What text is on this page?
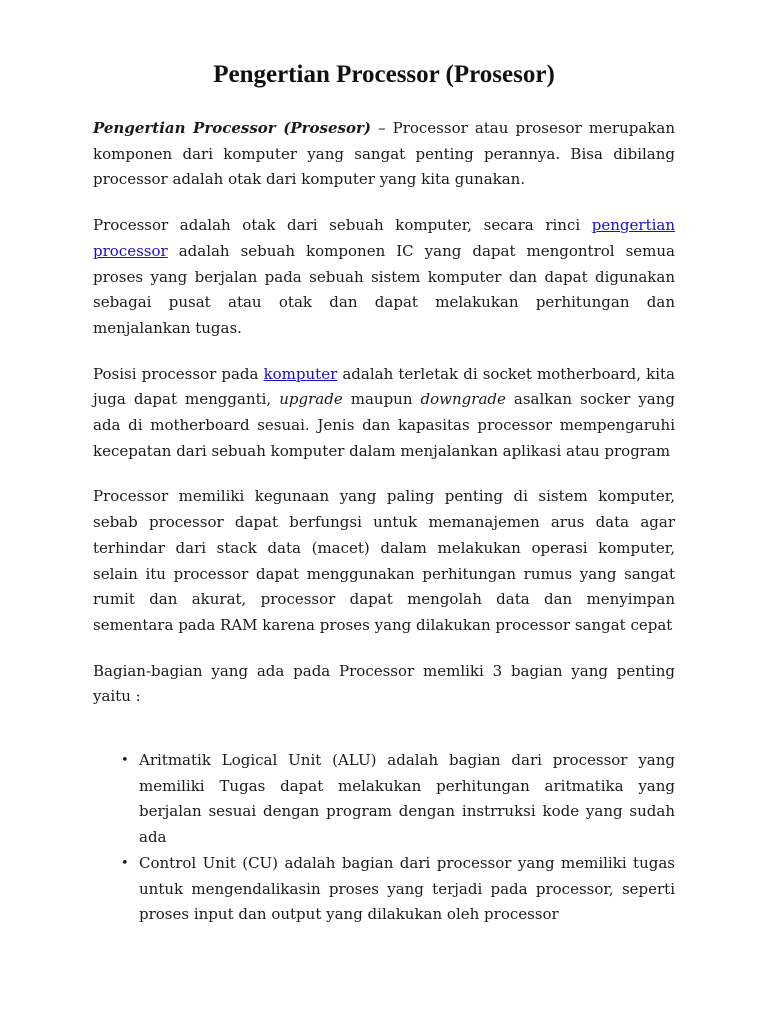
Pengertian Processor (Prosesor)

Pengertian Processor (Prosesor) – Processor atau prosesor merupakan komponen dari komputer yang sangat penting perannya. Bisa dibilang processor adalah otak dari komputer yang kita gunakan.

Processor adalah otak dari sebuah komputer, secara rinci pengertian processor adalah sebuah komponen IC yang dapat mengontrol semua proses yang berjalan pada sebuah sistem komputer dan dapat digunakan sebagai pusat atau otak dan dapat melakukan perhitungan dan menjalankan tugas.

Posisi processor pada komputer adalah terletak di socket motherboard, kita juga dapat mengganti, upgrade maupun downgrade asalkan socker yang ada di motherboard sesuai. Jenis dan kapasitas processor mempengaruhi kecepatan dari sebuah komputer dalam menjalankan aplikasi atau program

Processor memiliki kegunaan yang paling penting di sistem komputer, sebab processor dapat berfungsi untuk memanajemen arus data agar terhindar dari stack data (macet) dalam melakukan operasi komputer, selain itu processor dapat menggunakan perhitungan rumus yang sangat rumit dan akurat, processor dapat mengolah data dan menyimpan sementara pada RAM karena proses yang dilakukan processor sangat cepat

Bagian-bagian yang ada pada Processor memliki 3 bagian yang penting yaitu :

• Aritmatik Logical Unit (ALU) adalah bagian dari processor yang memiliki Tugas dapat melakukan perhitungan aritmatika yang berjalan sesuai dengan program dengan instrruksi kode yang sudah ada
• Control Unit (CU) adalah bagian dari processor yang memiliki tugas untuk mengendalikasin proses yang terjadi pada processor, seperti proses input dan output yang dilakukan oleh processor
